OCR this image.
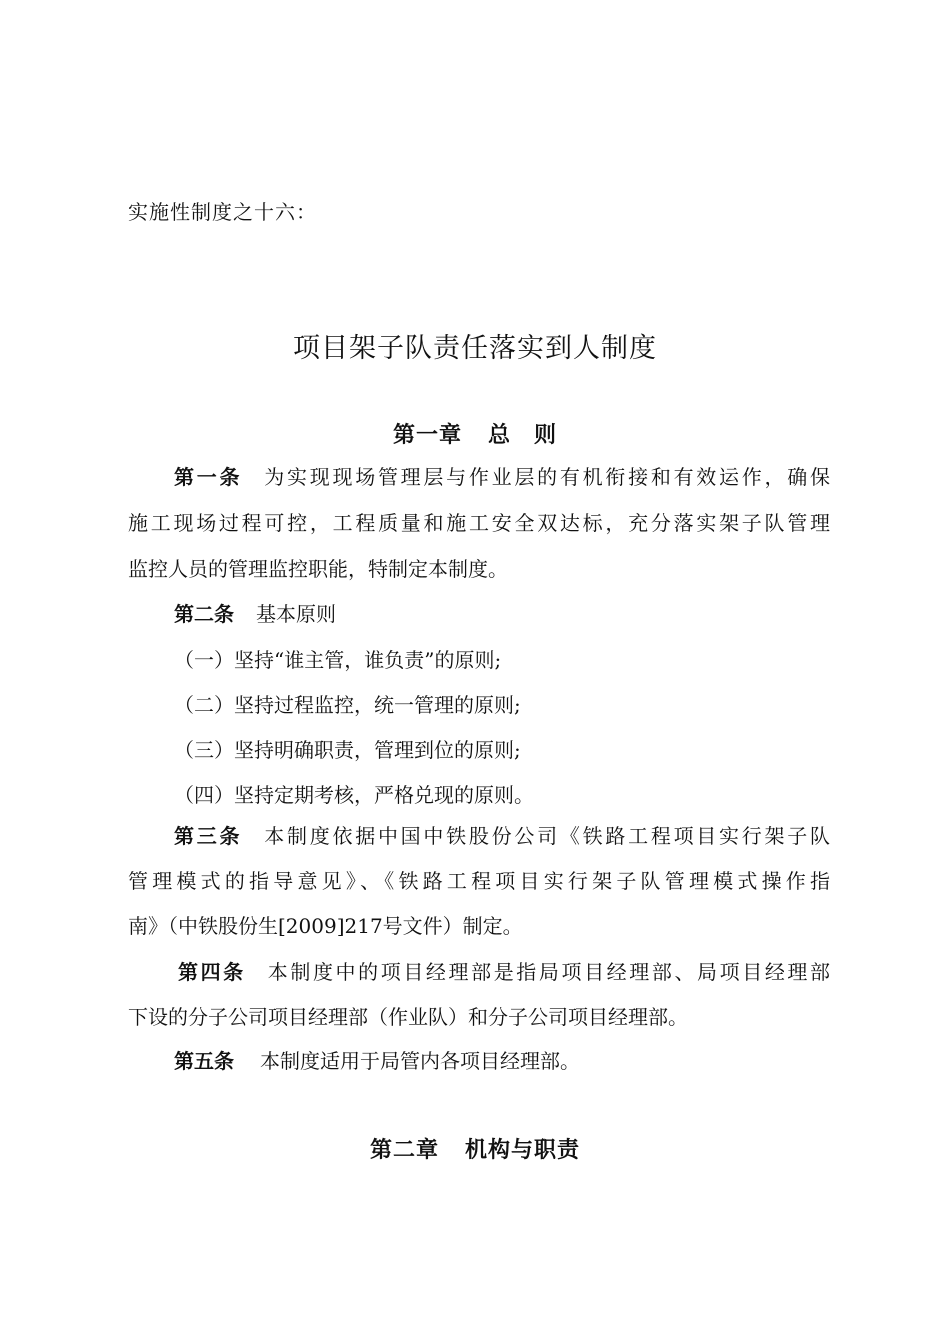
实施性制度之十六：
项目架子队责任落实到人制度
第一章 总　则
第一条 为实现现场管理层与作业层的有机衔接和有效运作，确保
施工现场过程可控，工程质量和施工安全双达标，充分落实架子队管理
监控人员的管理监控职能，特制定本制度。
第二条 基本原则
（一）坚持“谁主管，谁负责”的原则;
（二）坚持过程监控，统一管理的原则;
（三）坚持明确职责，管理到位的原则;
（四）坚持定期考核，严格兑现的原则。
第三条 本制度依据中国中铁股份公司《铁路工程项目实行架子队
管理模式的指导意见》、《铁路工程项目实行架子队管理模式操作指
南》（中铁股份生[2009]217号文件）制定。
第四条 本制度中的项目经理部是指局项目经理部、局项目经理部
下设的分子公司项目经理部（作业队）和分子公司项目经理部。
第五条 本制度适用于局管内各项目经理部。
第二章 机构与职责
